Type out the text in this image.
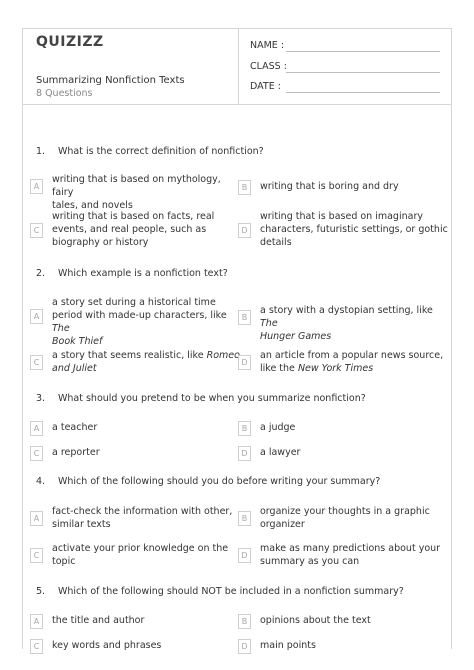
QUIZIZZ
Summarizing Nonfiction Texts
8 Questions
NAME :
CLASS :
DATE :
1.	What is the correct definition of nonfiction?
A
writing that is based on mythology, fairy
tales, and novels
B	writing that is boring and dry
C
writing that is based on facts, real
events, and real people, such as
biography or history
D
writing that is based on imaginary
characters, futuristic settings, or gothic
details
2.	Which example is a nonfiction text?
A
a story set during a historical time
period with made-up characters, like The
Book Thief
B
a story with a dystopian setting, like The
Hunger Games
C
a story that seems realistic, like Romeo
and Juliet
D
an article from a popular news source,
like the New York Times
3.	What should you pretend to be when you summarize nonfiction?
A	a teacher	B	a judge
C	a reporter	D	a lawyer
4.	Which of the following should you do before writing your summary?
A
fact-check the information with other,
similar texts
B
organize your thoughts in a graphic
organizer
C
activate your prior knowledge on the
topic
D
make as many predictions about your
summary as you can
5.	Which of the following should NOT be included in a nonfiction summary?
A	the title and author	B	opinions about the text
C	key words and phrases	D	main points
